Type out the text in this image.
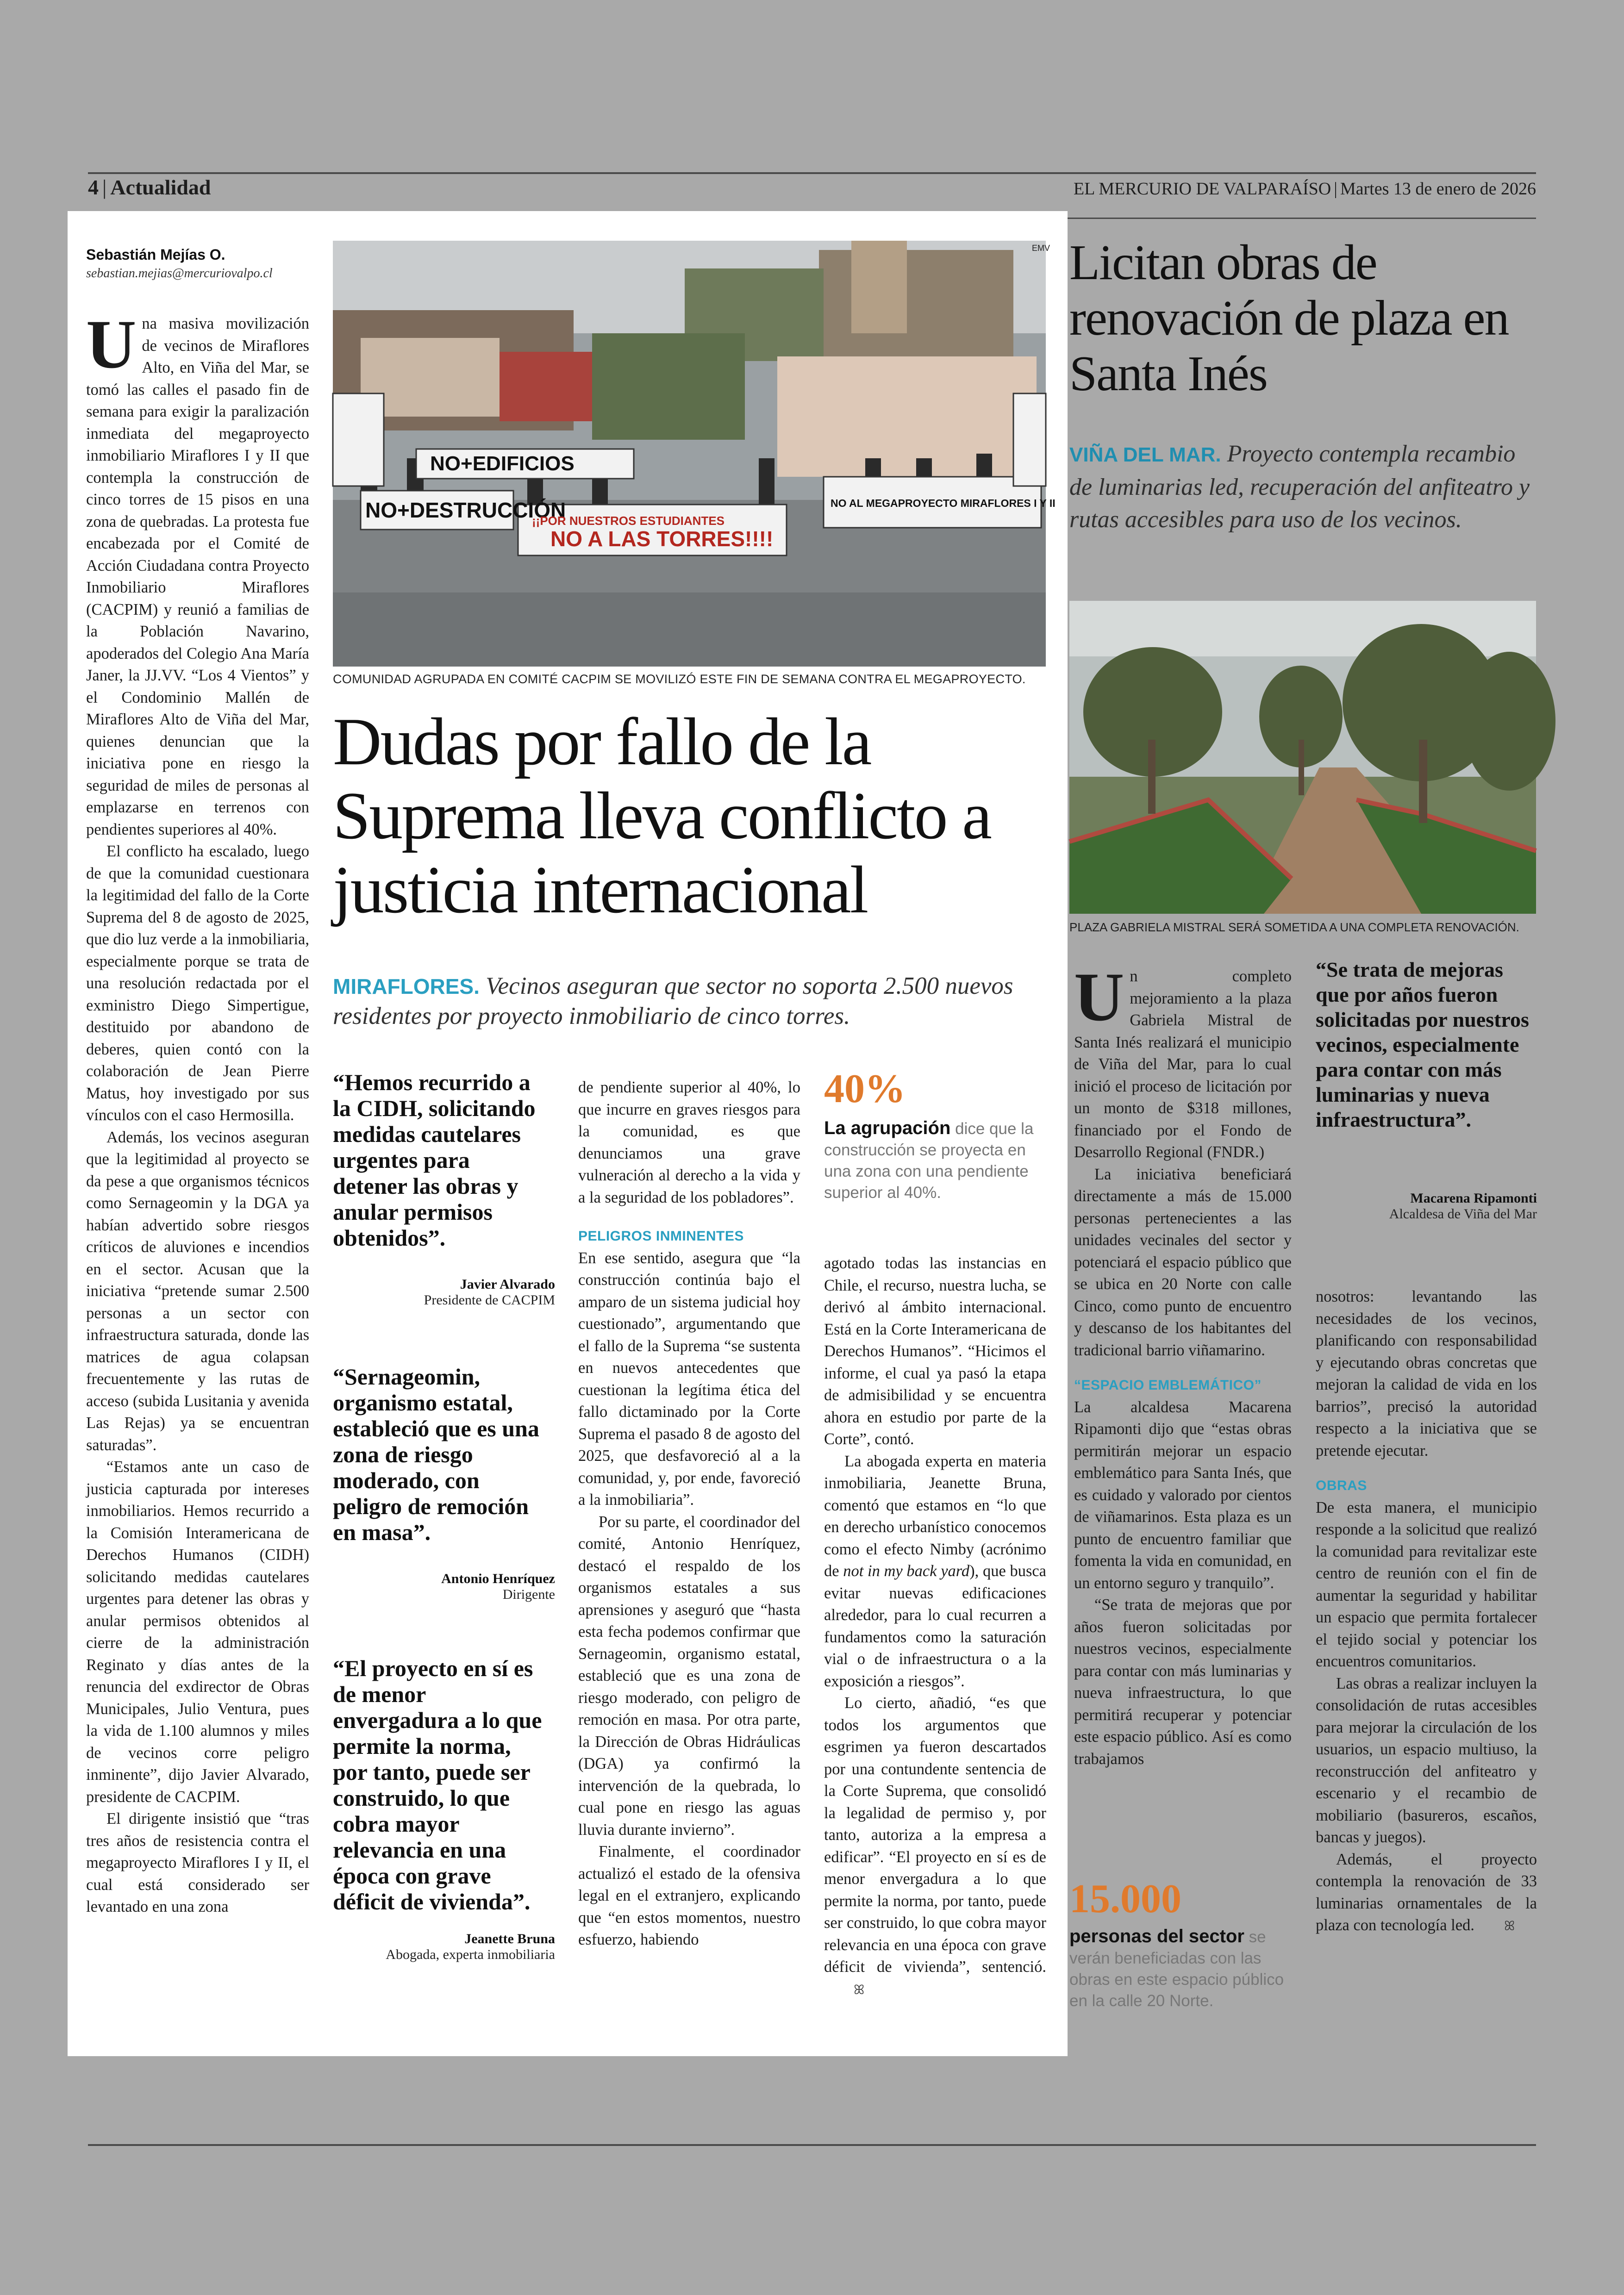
4 | Actualidad	EL MERCURIO DE VALPARAÍSO | Martes 13 de enero de 2026
Sebastián Mejías O.
sebastian.mejias@mercuriovalpo.cl

Una masiva movilización de vecinos de Miraflores Alto, en Viña del Mar, se tomó las calles el pasado fin de semana para exigir la paralización inmediata del megaproyecto inmobiliario Miraflores I y II que contempla la construcción de cinco torres de 15 pisos en una zona de quebradas. La protesta fue encabezada por el Comité de Acción Ciudadana contra Proyecto Inmobiliario Miraflores (CACPIM) y reunió a familias de la Población Navarino, apoderados del Colegio Ana María Janer, la JJ.VV. “Los 4 Vientos” y el Condominio Mallén de Miraflores Alto de Viña del Mar, quienes denuncian que la iniciativa pone en riesgo la seguridad de miles de personas al emplazarse en terrenos con pendientes superiores al 40%.

El conflicto ha escalado, luego de que la comunidad cuestionara la legitimidad del fallo de la Corte Suprema del 8 de agosto de 2025, que dio luz verde a la inmobiliaria, especialmente porque se trata de una resolución redactada por el exministro Diego Simpertigue, destituido por abandono de deberes, quien contó con la colaboración de Jean Pierre Matus, hoy investigado por sus vínculos con el caso Hermosilla.

Además, los vecinos aseguran que la legitimidad al proyecto se da pese a que organismos técnicos como Sernageomin y la DGA ya habían advertido sobre riesgos críticos de aluviones e incendios en el sector. Acusan que la iniciativa “pretende sumar 2.500 personas a un sector con infraestructura saturada, donde las matrices de agua colapsan frecuentemente y las rutas de acceso (subida Lusitania y avenida Las Rejas) ya se encuentran saturadas”.

“Estamos ante un caso de justicia capturada por intereses inmobiliarios. Hemos recurrido a la Comisión Interamericana de Derechos Humanos (CIDH) solicitando medidas cautelares urgentes para detener las obras y anular permisos obtenidos al cierre de la administración Reginato y días antes de la renuncia del exdirector de Obras Municipales, Julio Ventura, pues la vida de 1.100 alumnos y miles de vecinos corre peligro inminente”, dijo Javier Alvarado, presidente de CACPIM.

El dirigente insistió que “tras tres años de resistencia contra el megaproyecto Miraflores I y II, el cual está considerado ser levantado en una zona

NO+EDIFICIOS
NO+DESTRUCCIÓN
¡¡POR NUESTROS ESTUDIANTES
NO A LAS TORRES!!!!
NO AL MEGAPROYECTO MIRAFLORES I Y II
EMV
COMUNIDAD AGRUPADA EN COMITÉ CACPIM SE MOVILIZÓ ESTE FIN DE SEMANA CONTRA EL MEGAPROYECTO.
Dudas por fallo de la Suprema lleva conflicto a justicia internacional
MIRAFLORES. Vecinos aseguran que sector no soporta 2.500 nuevos residentes por proyecto inmobiliario de cinco torres.
“Hemos recurrido a la CIDH, solicitando medidas cautelares urgentes para detener las obras y anular permisos obtenidos”.
Javier Alvarado
Presidente de CACPIM
“Sernageomin, organismo estatal, estableció que es una zona de riesgo moderado, con peligro de remoción en masa”.
Antonio Henríquez
Dirigente
“El proyecto en sí es de menor envergadura a lo que permite la norma, por tanto, puede ser construido, lo que cobra mayor relevancia en una época con grave déficit de vivienda”.
Jeanette Bruna
Abogada, experta inmobiliaria

de pendiente superior al 40%, lo que incurre en graves riesgos para la comunidad, es que denunciamos una grave vulneración al derecho a la vida y a la seguridad de los pobladores”.

PELIGROS INMINENTES

En ese sentido, asegura que “la construcción continúa bajo el amparo de un sistema judicial hoy cuestionado”, argumentando que el fallo de la Suprema “se sustenta en nuevos antecedentes que cuestionan la legítima ética del fallo dictaminado por la Corte Suprema el pasado 8 de agosto del 2025, que desfavoreció al a la comunidad, y, por ende, favoreció a la inmobiliaria”.

Por su parte, el coordinador del comité, Antonio Henríquez, destacó el respaldo de los organismos estatales a sus aprensiones y aseguró que “hasta esta fecha podemos confirmar que Sernageomin, organismo estatal, estableció que es una zona de riesgo moderado, con peligro de remoción en masa. Por otra parte, la Dirección de Obras Hidráulicas (DGA) ya confirmó la intervención de la quebrada, lo cual pone en riesgo las aguas lluvia durante invierno”.

Finalmente, el coordinador actualizó el estado de la ofensiva legal en el extranjero, explicando que “en estos momentos, nuestro esfuerzo, habiendo

40%
La agrupación dice que la construcción se proyecta en una zona con una pendiente superior al 40%.

agotado todas las instancias en Chile, el recurso, nuestra lucha, se derivó al ámbito internacional. Está en la Corte Interamericana de Derechos Humanos”. “Hicimos el informe, el cual ya pasó la etapa de admisibilidad y se encuentra ahora en estudio por parte de la Corte”, contó.

La abogada experta en materia inmobiliaria, Jeanette Bruna, comentó que estamos en “lo que en derecho urbanístico conocemos como el efecto Nimby (acrónimo de not in my back yard), que busca evitar nuevas edificaciones alrededor, para lo cual recurren a fundamentos como la saturación vial o de infraestructura o a la exposición a riesgos”.

Lo cierto, añadió, “es que todos los argumentos que esgrimen ya fueron descartados por una contundente sentencia de la Corte Suprema, que consolidó la legalidad de permiso y, por tanto, autoriza a la empresa a edificar”. “El proyecto en sí es de menor envergadura a lo que permite la norma, por tanto, puede ser construido, lo que cobra mayor relevancia en una época con grave déficit de vivienda”, sentenció.ꕤ

Licitan obras de renovación de plaza en Santa Inés
VIÑA DEL MAR. Proyecto contempla recambio de luminarias led, recuperación del anfiteatro y rutas accesibles para uso de los vecinos.
PLAZA GABRIELA MISTRAL SERÁ SOMETIDA A UNA COMPLETA RENOVACIÓN.

Un completo mejoramiento a la plaza Gabriela Mistral de Santa Inés realizará el municipio de Viña del Mar, para lo cual inició el proceso de licitación por un monto de $318 millones, financiado por el Fondo de Desarrollo Regional (FNDR.)

La iniciativa beneficiará directamente a más de 15.000 personas pertenecientes a las unidades vecinales del sector y potenciará el espacio público que se ubica en 20 Norte con calle Cinco, como punto de encuentro y descanso de los habitantes del tradicional barrio viñamarino.

“ESPACIO EMBLEMÁTICO”

La alcaldesa Macarena Ripamonti dijo que “estas obras permitirán mejorar un espacio emblemático para Santa Inés, que es cuidado y valorado por cientos de viñamarinos. Esta plaza es un punto de encuentro familiar que fomenta la vida en comunidad, en un entorno seguro y tranquilo”.

“Se trata de mejoras que por años fueron solicitadas por nuestros vecinos, especialmente para contar con más luminarias y nueva infraestructura, lo que permitirá recuperar y potenciar este espacio público. Así es como trabajamos

15.000
personas del sector se verán beneficiadas con las obras en este espacio público en la calle 20 Norte.
“Se trata de mejoras que por años fueron solicitadas por nuestros vecinos, especialmente para contar con más luminarias y nueva infraestructura”.
Macarena Ripamonti
Alcaldesa de Viña del Mar

nosotros: levantando las necesidades de los vecinos, planificando con responsabilidad y ejecutando obras concretas que mejoran la calidad de vida en los barrios”, precisó la autoridad respecto a la iniciativa que se pretende ejecutar.

OBRAS

De esta manera, el municipio responde a la solicitud que realizó la comunidad para revitalizar este centro de reunión con el fin de aumentar la seguridad y habilitar un espacio que permita fortalecer el tejido social y potenciar los encuentros comunitarios.

Las obras a realizar incluyen la consolidación de rutas accesibles para mejorar la circulación de los usuarios, un espacio multiuso, la reconstrucción del anfiteatro y escenario y el recambio de mobiliario (basureros, escaños, bancas y juegos).

Además, el proyecto contempla la renovación de 33 luminarias ornamentales de la plaza con tecnología led. ꕤ
